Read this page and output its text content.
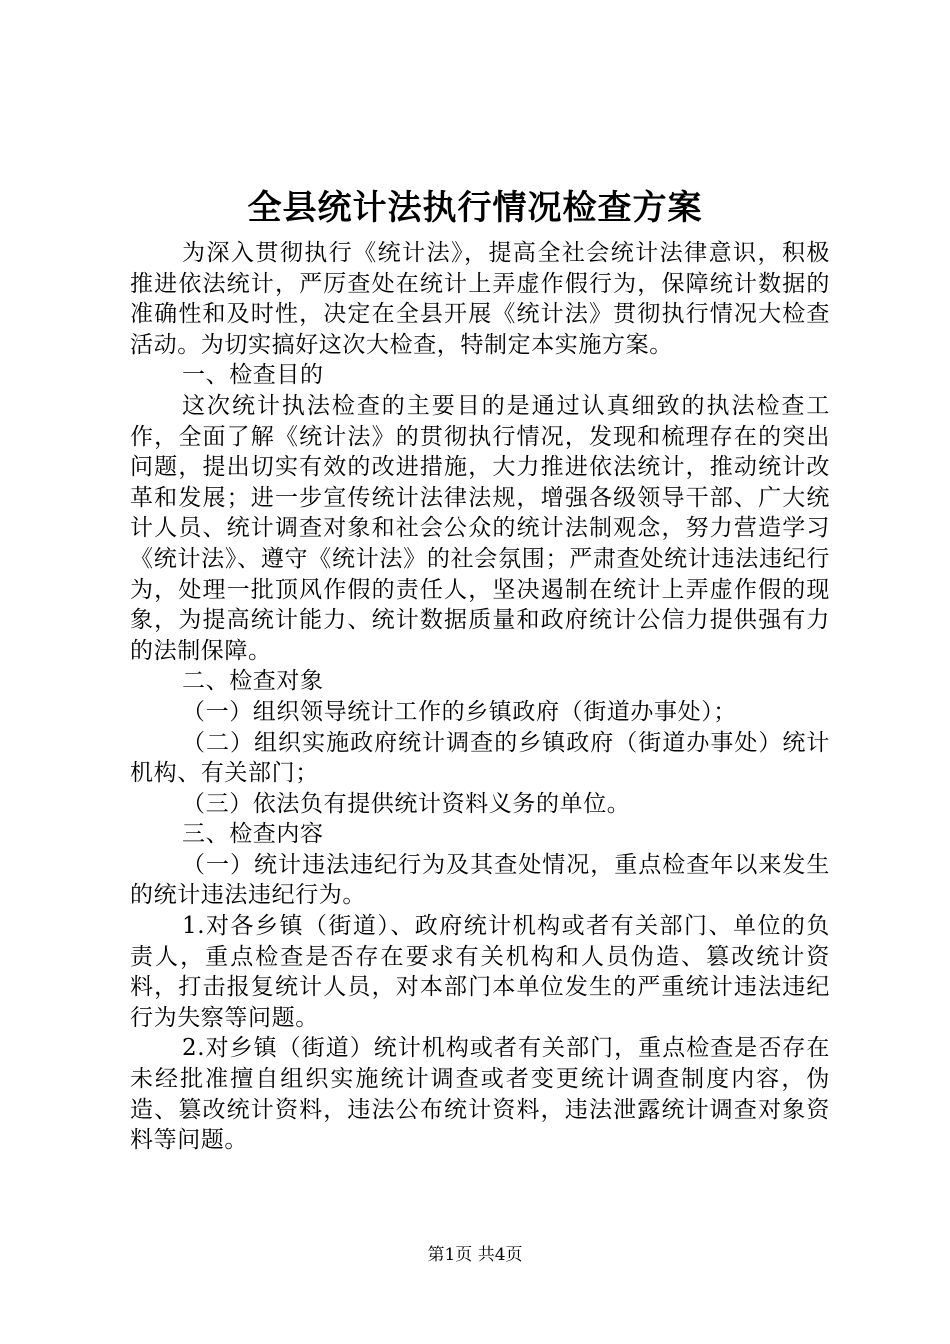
全县统计法执行情况检查方案

为深入贯彻执行《统计法》，提高全社会统计法律意识，积极推进依法统计，严厉查处在统计上弄虚作假行为，保障统计数据的准确性和及时性，决定在全县开展《统计法》贯彻执行情况大检查活动。为切实搞好这次大检查，特制定本实施方案。

一、检查目的

这次统计执法检查的主要目的是通过认真细致的执法检查工作，全面了解《统计法》的贯彻执行情况，发现和梳理存在的突出问题，提出切实有效的改进措施，大力推进依法统计，推动统计改革和发展；进一步宣传统计法律法规，增强各级领导干部、广大统计人员、统计调查对象和社会公众的统计法制观念，努力营造学习《统计法》、遵守《统计法》的社会氛围；严肃查处统计违法违纪行为，处理一批顶风作假的责任人，坚决遏制在统计上弄虚作假的现象，为提高统计能力、统计数据质量和政府统计公信力提供强有力的法制保障。

二、检查对象

（一）组织领导统计工作的乡镇政府（街道办事处）；

（二）组织实施政府统计调查的乡镇政府（街道办事处）统计机构、有关部门；

（三）依法负有提供统计资料义务的单位。

三、检查内容

（一）统计违法违纪行为及其查处情况，重点检查年以来发生的统计违法违纪行为。

1.对各乡镇（街道）、政府统计机构或者有关部门、单位的负责人，重点检查是否存在要求有关机构和人员伪造、篡改统计资料，打击报复统计人员，对本部门本单位发生的严重统计违法违纪行为失察等问题。

2.对乡镇（街道）统计机构或者有关部门，重点检查是否存在未经批准擅自组织实施统计调查或者变更统计调查制度内容，伪造、篡改统计资料，违法公布统计资料，违法泄露统计调查对象资料等问题。

第1页 共4页
